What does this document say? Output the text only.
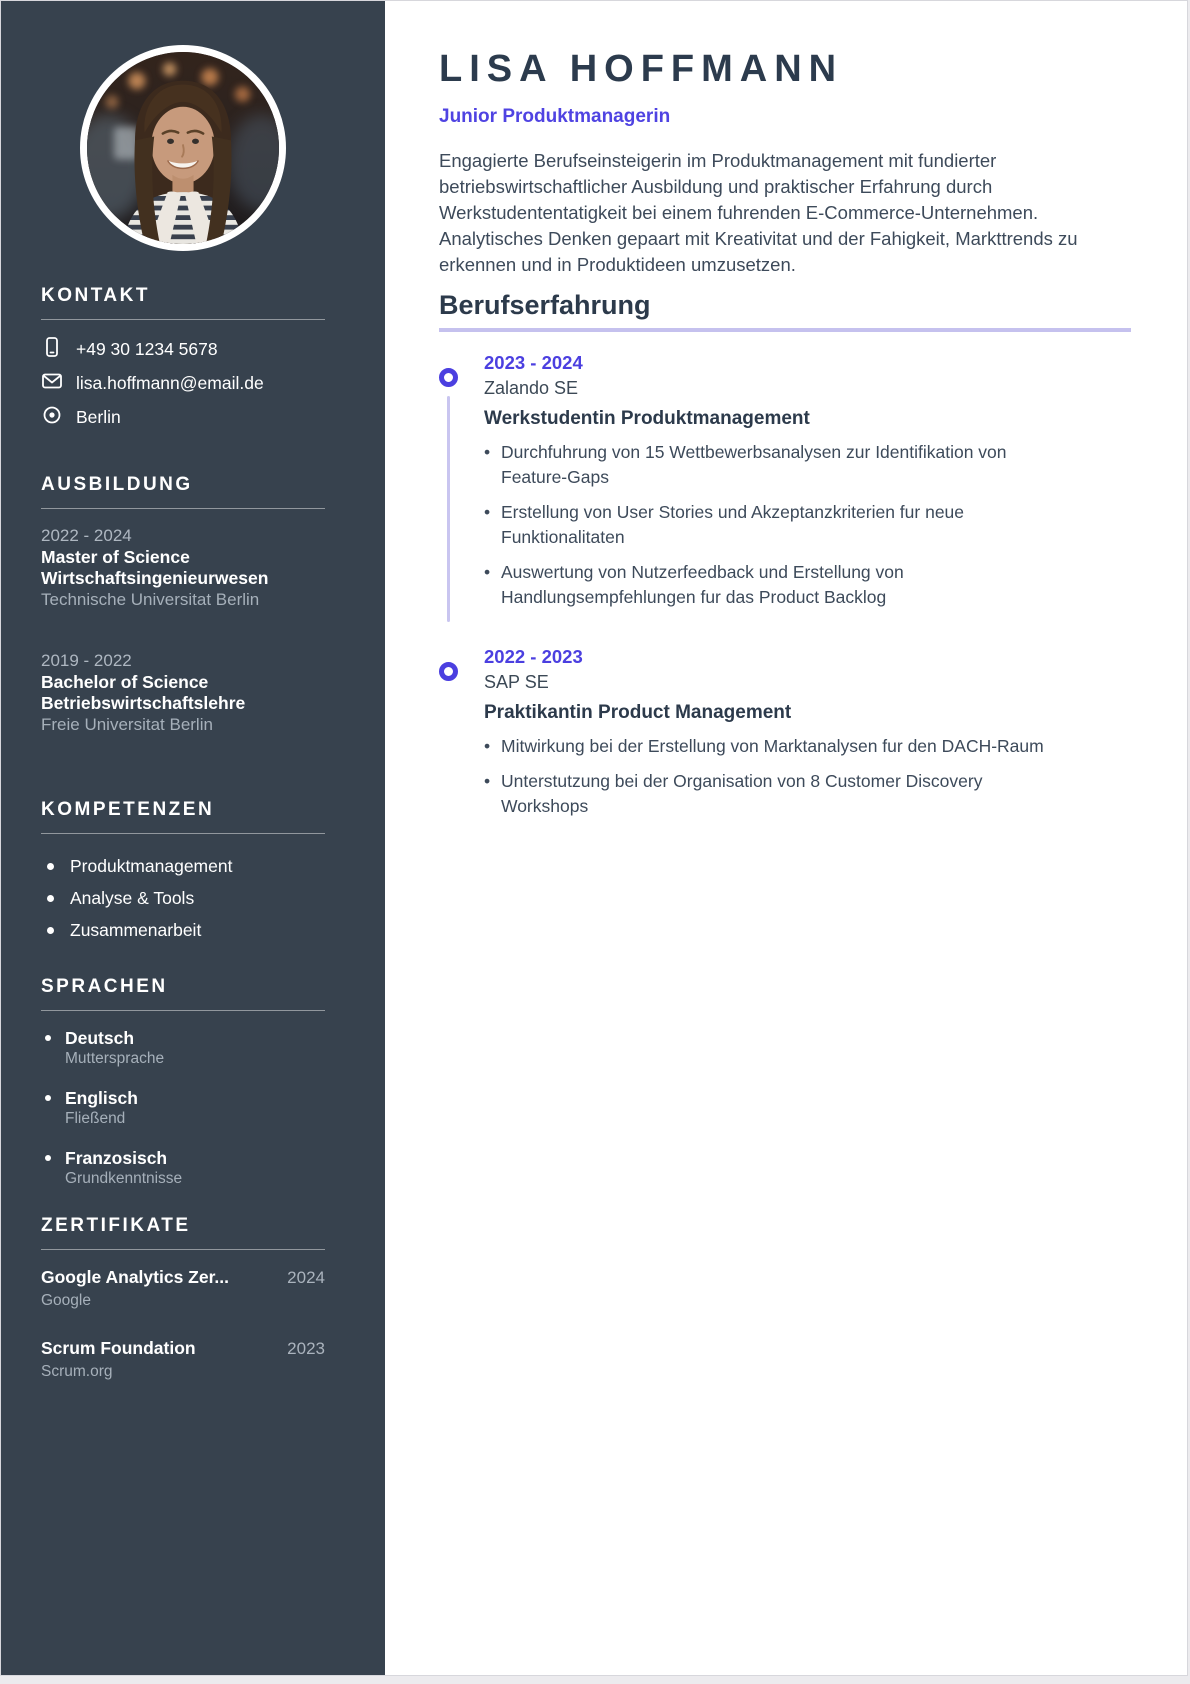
KONTAKT
+49 30 1234 5678
lisa.hoffmann@email.de
Berlin
AUSBILDUNG
2022 - 2024
Master of Science Wirtschaftsingenieurwesen
Technische Universitat Berlin
2019 - 2022
Bachelor of Science Betriebswirtschaftslehre
Freie Universitat Berlin
KOMPETENZEN
Produktmanagement
Analyse & Tools
Zusammenarbeit
SPRACHEN
Deutsch
Muttersprache
Englisch
Fließend
Franzosisch
Grundkenntnisse
ZERTIFIKATE
Google Analytics Zer...	2024
Google
Scrum Foundation	2023
Scrum.org
LISA HOFFMANN
Junior Produktmanagerin

Engagierte Berufseinsteigerin im Produktmanagement mit fundierter betriebswirtschaftlicher Ausbildung und praktischer Erfahrung durch Werkstudententatigkeit bei einem fuhrenden E-Commerce-Unternehmen. Analytisches Denken gepaart mit Kreativitat und der Fahigkeit, Markttrends zu erkennen und in Produktideen umzusetzen.

Berufserfahrung
2023 - 2024
Zalando SE
Werkstudentin Produktmanagement
• Durchfuhrung von 15 Wettbewerbsanalysen zur Identifikation von Feature-Gaps
• Erstellung von User Stories und Akzeptanzkriterien fur neue Funktionalitaten
• Auswertung von Nutzerfeedback und Erstellung von Handlungsempfehlungen fur das Product Backlog
2022 - 2023
SAP SE
Praktikantin Product Management
• Mitwirkung bei der Erstellung von Marktanalysen fur den DACH-Raum
• Unterstutzung bei der Organisation von 8 Customer Discovery Workshops
